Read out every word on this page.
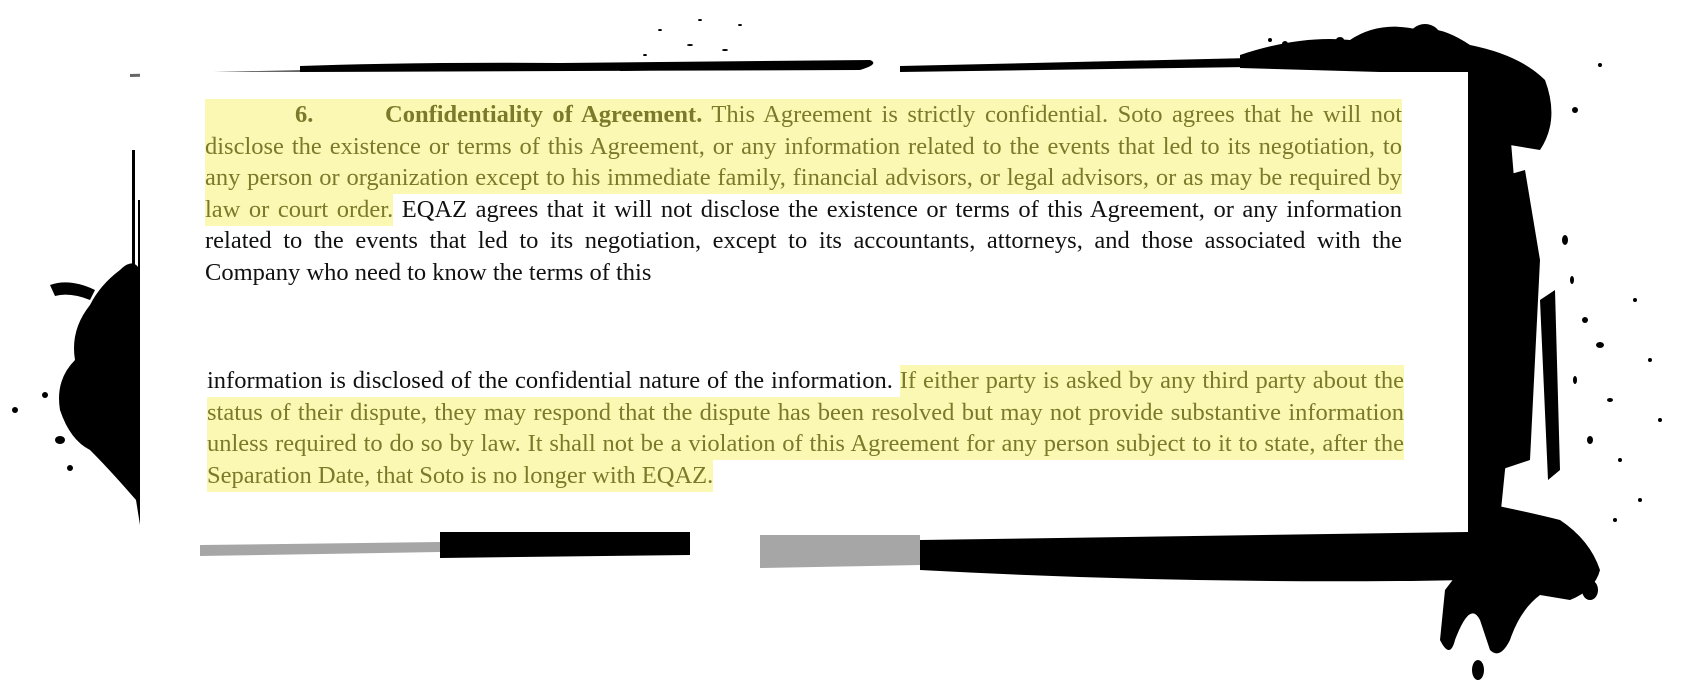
6.	Confidentiality of Agreement. This Agreement is strictly confidential. Soto agrees that he will not disclose the existence or terms of this Agreement, or any information related to the events that led to its negotiation, to any person or organization except to his immediate family, financial advisors, or legal advisors, or as may be required by law or court order. EQAZ agrees that it will not disclose the existence or terms of this Agreement, or any information related to the events that led to its negotiation, except to its accountants, attorneys, and those associated with the Company who need to know the terms of this

information is disclosed of the confidential nature of the information. If either party is asked by any third party about the status of their dispute, they may respond that the dispute has been resolved but may not provide substantive information unless required to do so by law. It shall not be a violation of this Agreement for any person subject to it to state, after the Separation Date, that Soto is no longer with EQAZ.
